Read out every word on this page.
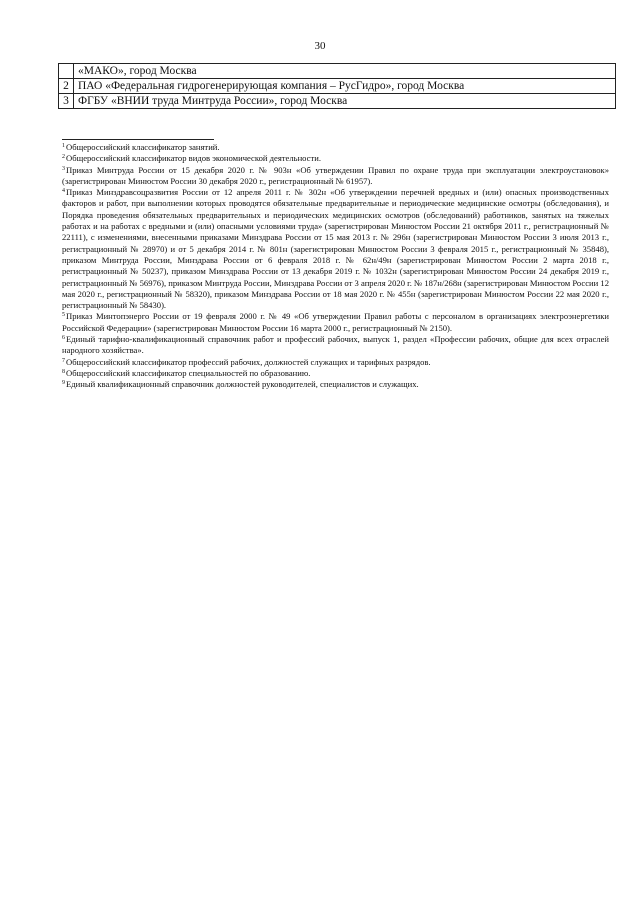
30
	«МАКО», город Москва
2	ПАО «Федеральная гидрогенерирующая компания – РусГидро», город Москва
3	ФГБУ «ВНИИ труда Минтруда России», город Москва

$^1$Общероссийский классификатор занятий.

$^2$Общероссийский классификатор видов экономической деятельности.

$^3$Приказ Минтруда России от 15 декабря 2020 г. № 903н «Об утверждении Правил по охране труда при эксплуатации электроустановок» (зарегистрирован Минюстом России 30 декабря 2020 г., регистрационный № 61957).

$^4$Приказ Минздравсоцразвития России от 12 апреля 2011 г. № 302н «Об утверждении перечней вредных и (или) опасных производственных факторов и работ, при выполнении которых проводятся обязательные предварительные и периодические медицинские осмотры (обследования), и Порядка проведения обязательных предварительных и периодических медицинских осмотров (обследований) работников, занятых на тяжелых работах и на работах с вредными и (или) опасными условиями труда» (зарегистрирован Минюстом России 21 октября 2011 г., регистрационный № 22111), с изменениями, внесенными приказами Минздрава России от 15 мая 2013 г. № 296н (зарегистрирован Минюстом России 3 июля 2013 г., регистрационный № 28970) и от 5 декабря 2014 г. № 801н (зарегистрирован Минюстом России 3 февраля 2015 г., регистрационный № 35848), приказом Минтруда России, Минздрава России от 6 февраля 2018 г. № 62н/49н (зарегистрирован Минюстом России 2 марта 2018 г., регистрационный № 50237), приказом Минздрава России от 13 декабря 2019 г. № 1032н (зарегистрирован Минюстом России 24 декабря 2019 г., регистрационный № 56976), приказом Минтруда России, Минздрава России от 3 апреля 2020 г. № 187н/268н (зарегистрирован Минюстом России 12 мая 2020 г., регистрационный № 58320), приказом Минздрава России от 18 мая 2020 г. № 455н (зарегистрирован Минюстом России 22 мая 2020 г., регистрационный № 58430).

$^5$Приказ Минтопэнерго России от 19 февраля 2000 г. № 49 «Об утверждении Правил работы с персоналом в организациях электроэнергетики Российской Федерации» (зарегистрирован Минюстом России 16 марта 2000 г., регистрационный № 2150).

$^6$Единый тарифно-квалификационный справочник работ и профессий рабочих, выпуск 1, раздел «Профессии рабочих, общие для всех отраслей народного хозяйства».

$^7$Общероссийский классификатор профессий рабочих, должностей служащих и тарифных разрядов.

$^8$Общероссийский классификатор специальностей по образованию.

$^9$Единый квалификационный справочник должностей руководителей, специалистов и служащих.
